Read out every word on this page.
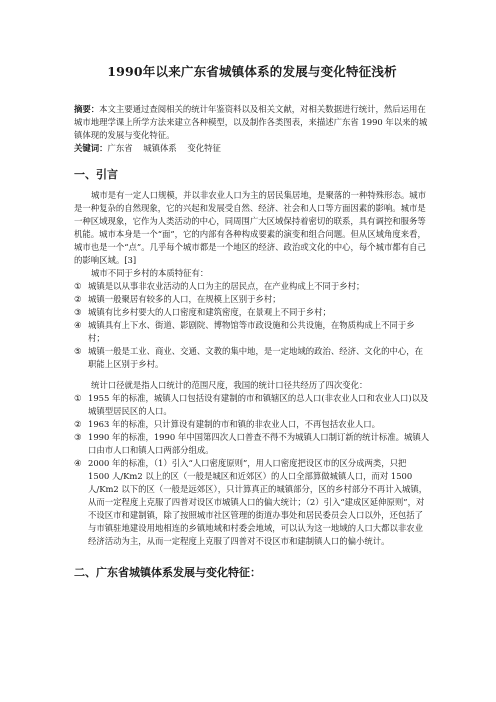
1990年以来广东省城镇体系的发展与变化特征浅析

摘要：本文主要通过查阅相关的统计年鉴资料以及相关文献，对相关数据进行统计，然后运用在城市地理学课上所学方法来建立各种模型，以及制作各类图表，来描述广东省 1990 年以来的城镇体现的发展与变化特征。

关键词：广东省    城镇体系    变化特征

一、引言

城市是有一定人口规模，并以非农业人口为主的居民集居地，是聚落的一种特殊形态。城市是一种复杂的自然现象，它的兴起和发展受自然、经济、社会和人口等方面因素的影响。城市是一种区域现象，它作为人类活动的中心，同周围广大区域保持着密切的联系，具有调控和服务等机能。城市本身是一个“面”，它的内部有各种构成要素的演变和组合问题。但从区域角度来看，城市也是一个“点”。几乎每个城市都是一个地区的经济、政治或文化的中心，每个城市都有自己的影响区域。[3]

城市不同于乡村的本质特征有：

① 城镇是以从事非农业活动的人口为主的居民点，在产业构成上不同于乡村；
② 城镇一般聚居有较多的人口，在规模上区别于乡村；
③ 城镇有比乡村要大的人口密度和建筑密度，在景观上不同于乡村；
④ 城镇具有上下水、街道、影剧院、博物馆等市政设施和公共设施，在物质构成上不同于乡村；
⑤ 城镇一般是工业、商业、交通、文教的集中地，是一定地域的政治、经济、文化的中心，在职能上区别于乡村。

统计口径就是指人口统计的范围尺度，我国的统计口径共经历了四次变化：

① 1955 年的标准，城镇人口包括设有建制的市和镇辖区的总人口(非农业人口和农业人口)以及城镇型居民区的人口。
② 1963 年的标准，只计算设有建制的市和镇的非农业人口，不再包括农业人口。
③ 1990 年的标准，1990 年中国第四次人口普查不得不为城镇人口制订新的统计标准。城镇人口由市人口和镇人口两部分组成。
④ 2000 年的标准，（1）引入“人口密度原则”，用人口密度把设区市的区分成两类，只把 1500 人/Km2 以上的区（一般是城区和近郊区）的人口全部算做城镇人口，而对 1500 人/Km2 以下的区（一般是远郊区），只计算真正的城镇部分，区的乡村部分不再计入城镇，从而一定程度上克服了四普对设区市城镇人口的偏大统计；（2）引入“建成区延伸原则”，对不设区市和建制镇，除了按照城市社区管理的街道办事处和居民委员会人口以外，还包括了与市镇驻地建设用地相连的乡镇地域和村委会地域，可以认为这一地域的人口大都以非农业经济活动为主，从而一定程度上克服了四普对不设区市和建制镇人口的偏小统计。
二、广东省城镇体系发展与变化特征：
